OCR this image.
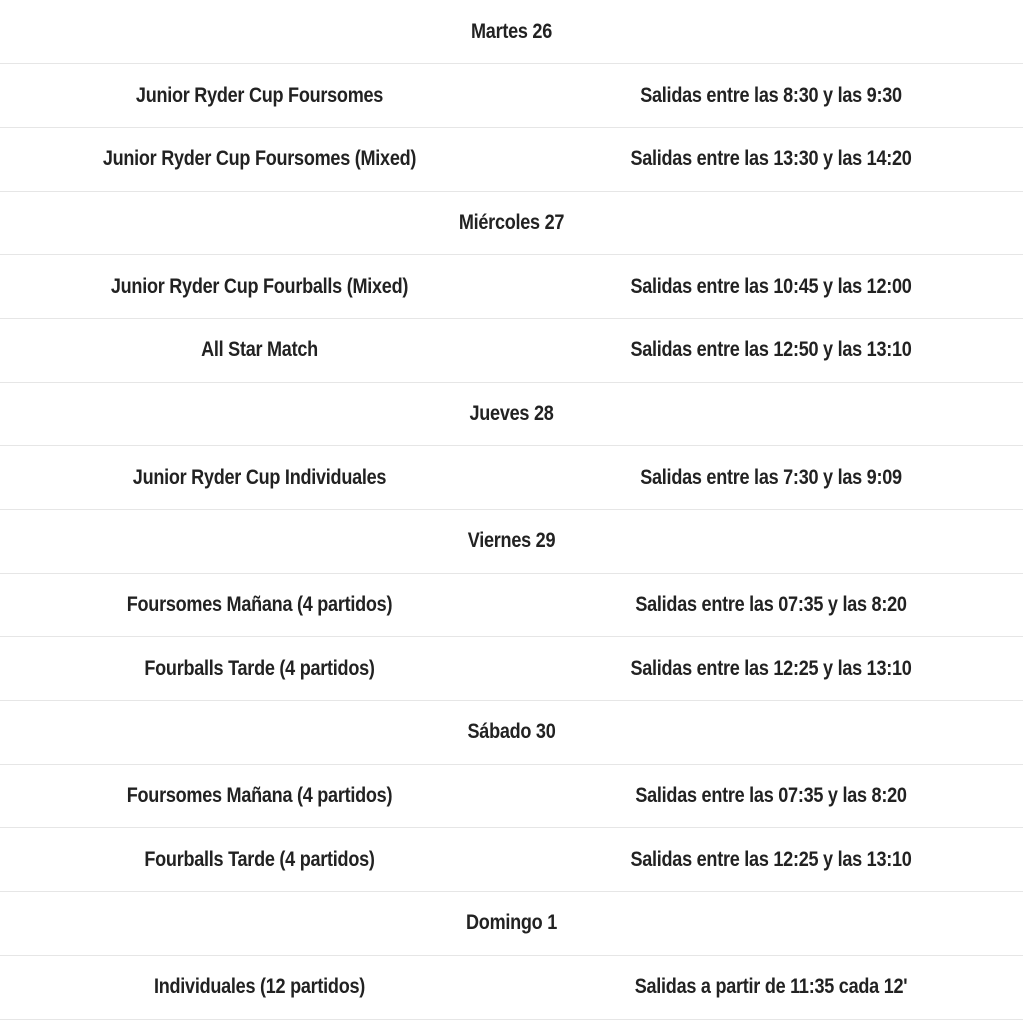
Martes 26	
Junior Ryder Cup Foursomes	Salidas entre las 8:30 y las 9:30
Junior Ryder Cup Foursomes (Mixed)	Salidas entre las 13:30 y las 14:20
Miércoles 27	
Junior Ryder Cup Fourballs (Mixed)	Salidas entre las 10:45 y las 12:00
All Star Match	Salidas entre las 12:50 y las 13:10
Jueves 28	
Junior Ryder Cup Individuales	Salidas entre las 7:30 y las 9:09
Viernes 29	
Foursomes Mañana (4 partidos)	Salidas entre las 07:35 y las 8:20
Fourballs Tarde (4 partidos)	Salidas entre las 12:25 y las 13:10
Sábado 30	
Foursomes Mañana (4 partidos)	Salidas entre las 07:35 y las 8:20
Fourballs Tarde (4 partidos)	Salidas entre las 12:25 y las 13:10
Domingo 1	
Individuales (12 partidos)	Salidas a partir de 11:35 cada 12'
